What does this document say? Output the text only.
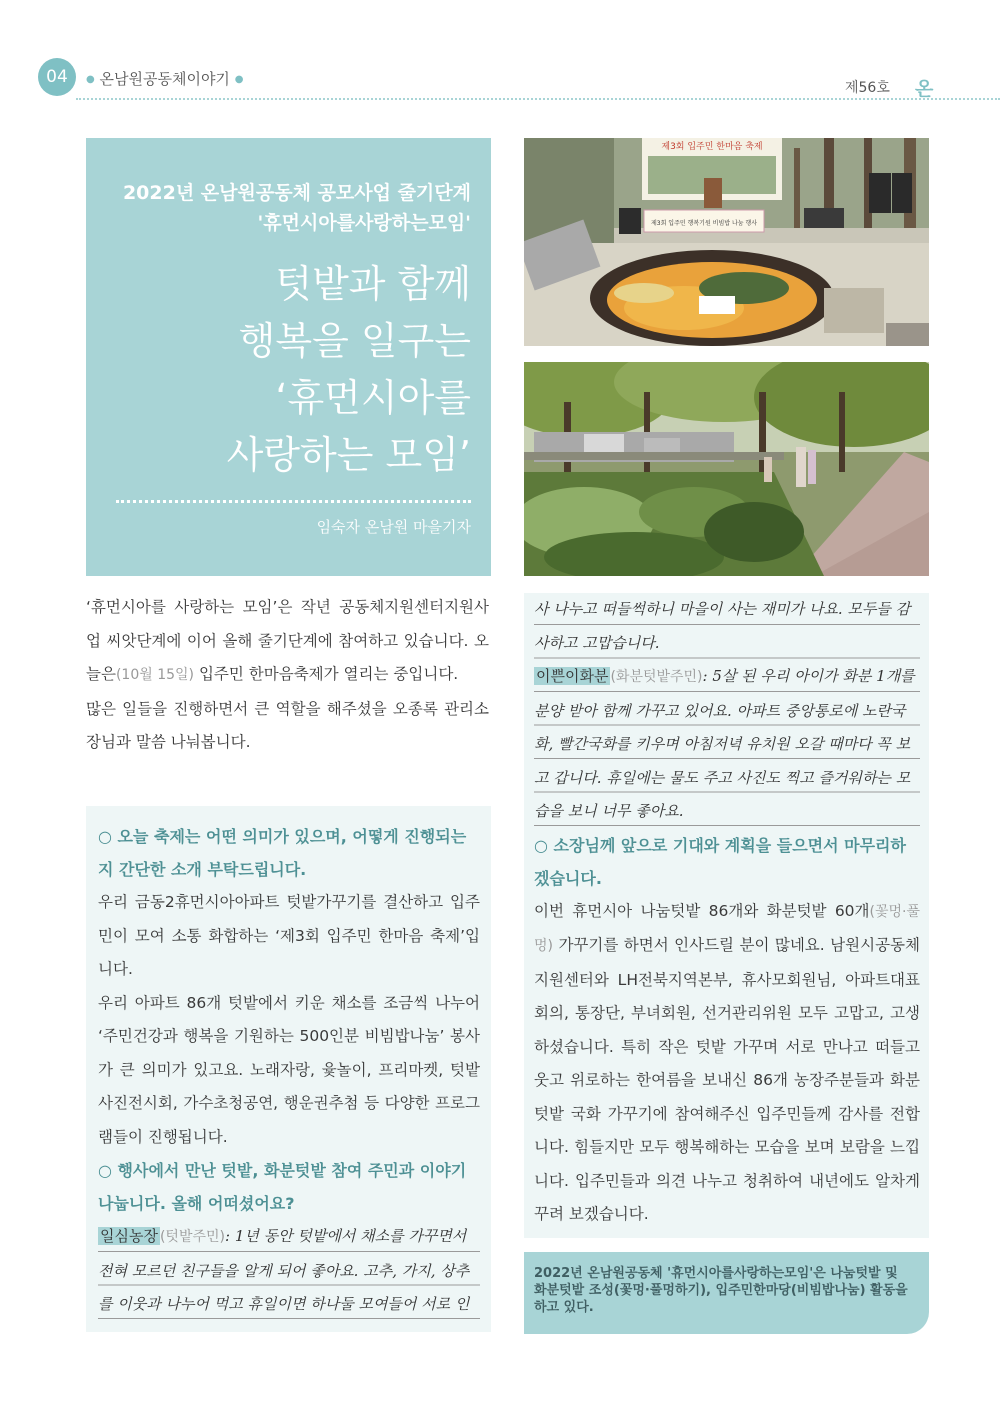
04	● 온남원공동체이야기 ●
제56호 온
2022년 온남원공동체 공모사업 줄기단계
'휴먼시아를사랑하는모임'
텃밭과 함께
행복을 일구는
‘휴먼시아를
사랑하는 모임’
임숙자 온남원 마을기자
제3회 입주민 한마음 축제
제3회 입주민 행복기원 비빔밥 나눔 행사
‘휴먼시아를 사랑하는 모임’은 작년 공동체지원센터지원사업 씨앗단계에 이어 올해 줄기단계에 참여하고 있습니다. 오늘은(10월 15일) 입주민 한마음축제가 열리는 중입니다.
많은 일들을 진행하면서 큰 역할을 해주셨을 오종록 관리소장님과 말씀 나눠봅니다.
○ 오늘 축제는 어떤 의미가 있으며, 어떻게 진행되는지 간단한 소개 부탁드립니다.
우리 금동2휴먼시아아파트 텃밭가꾸기를 결산하고 입주민이 모여 소통 화합하는 ‘제3회 입주민 한마음 축제’입니다.
우리 아파트 86개 텃밭에서 키운 채소를 조금씩 나누어 ‘주민건강과 행복을 기원하는 500인분 비빔밥나눔’ 봉사가 큰 의미가 있고요. 노래자랑, 윷놀이, 프리마켓, 텃밭사진전시회, 가수초청공연, 행운권추첨 등 다양한 프로그램들이 진행됩니다.
○ 행사에서 만난 텃밭, 화분텃밭 참여 주민과 이야기 나눕니다. 올해 어떠셨어요?
일심농장 (텃밭주민): 1년 동안 텃밭에서 채소를 가꾸면서 전혀 모르던 친구들을 알게 되어 좋아요. 고추, 가지, 상추를 이웃과 나누어 먹고 휴일이면 하나둘 모여들어 서로 인
사 나누고 떠들썩하니 마을이 사는 재미가 나요. 모두들 감사하고 고맙습니다.
이쁜이화분 (화분텃밭주민): 5살 된 우리 아이가 화분 1개를 분양 받아 함께 가꾸고 있어요. 아파트 중앙통로에 노란국화, 빨간국화를 키우며 아침저녁 유치원 오갈 때마다 꼭 보고 갑니다. 휴일에는 물도 주고 사진도 찍고 즐거워하는 모습을 보니 너무 좋아요.
○ 소장님께 앞으로 기대와 계획을 들으면서 마무리하겠습니다.
이번 휴먼시아 나눔텃밭 86개와 화분텃밭 60개(꽃멍·풀멍) 가꾸기를 하면서 인사드릴 분이 많네요. 남원시공동체지원센터와 LH전북지역본부, 휴사모회원님, 아파트대표회의, 통장단, 부녀회원, 선거관리위원 모두 고맙고, 고생하셨습니다. 특히 작은 텃밭 가꾸며 서로 만나고 떠들고 웃고 위로하는 한여름을 보내신 86개 농장주분들과 화분텃밭 국화 가꾸기에 참여해주신 입주민들께 감사를 전합니다. 힘들지만 모두 행복해하는 모습을 보며 보람을 느낍니다. 입주민들과 의견 나누고 청취하여 내년에도 알차게 꾸려 보겠습니다.
2022년 온남원공동체 '휴먼시아를사랑하는모임'은 나눔텃밭 및 화분텃밭 조성(꽃멍·풀멍하기), 입주민한마당(비빔밥나눔) 활동을 하고 있다.
